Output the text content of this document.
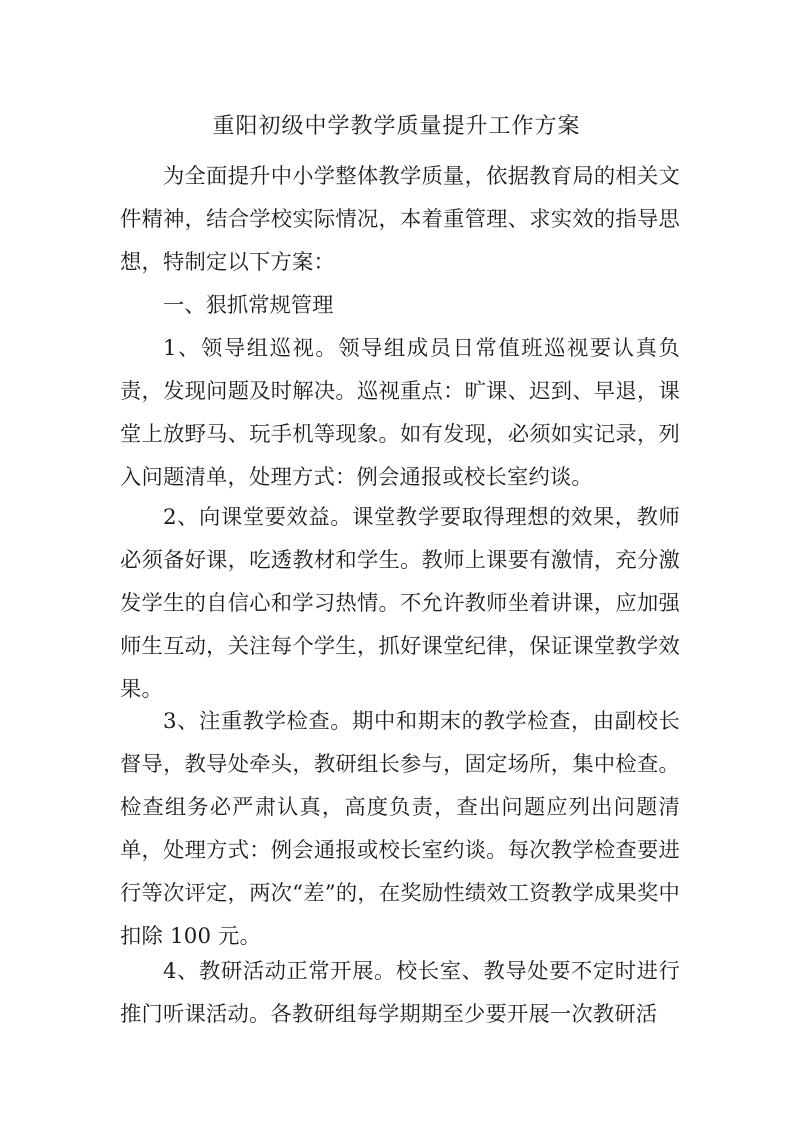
重阳初级中学教学质量提升工作方案

为全面提升中小学整体教学质量，依据教育局的相关文件精神，结合学校实际情况，本着重管理、求实效的指导思想，特制定以下方案：

一、狠抓常规管理

1、领导组巡视。领导组成员日常值班巡视要认真负责，发现问题及时解决。巡视重点：旷课、迟到、早退，课堂上放野马、玩手机等现象。如有发现，必须如实记录，列入问题清单，处理方式：例会通报或校长室约谈。

2、向课堂要效益。课堂教学要取得理想的效果，教师必须备好课，吃透教材和学生。教师上课要有激情，充分激发学生的自信心和学习热情。不允许教师坐着讲课，应加强师生互动，关注每个学生，抓好课堂纪律，保证课堂教学效果。

3、注重教学检查。期中和期末的教学检查，由副校长督导，教导处牵头，教研组长参与，固定场所，集中检查。检查组务必严肃认真，高度负责，查出问题应列出问题清单，处理方式：例会通报或校长室约谈。每次教学检查要进行等次评定，两次“差”的，在奖励性绩效工资教学成果奖中扣除 100 元。

4、教研活动正常开展。校长室、教导处要不定时进行推门听课活动。各教研组每学期期至少要开展一次教研活
